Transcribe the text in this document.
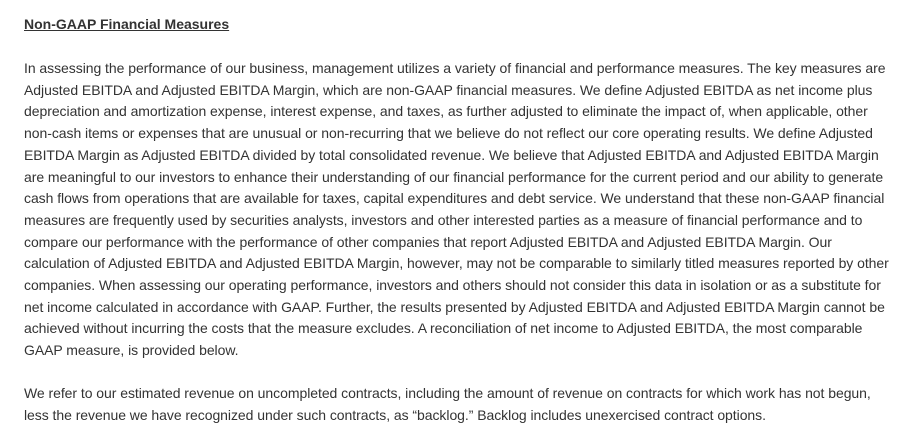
Non-GAAP Financial Measures

In assessing the performance of our business, management utilizes a variety of financial and performance measures. The key measures are Adjusted EBITDA and Adjusted EBITDA Margin, which are non-GAAP financial measures. We define Adjusted EBITDA as net income plus depreciation and amortization expense, interest expense, and taxes, as further adjusted to eliminate the impact of, when applicable, other non-cash items or expenses that are unusual or non-recurring that we believe do not reflect our core operating results. We define Adjusted EBITDA Margin as Adjusted EBITDA divided by total consolidated revenue. We believe that Adjusted EBITDA and Adjusted EBITDA Margin are meaningful to our investors to enhance their understanding of our financial performance for the current period and our ability to generate cash flows from operations that are available for taxes, capital expenditures and debt service. We understand that these non-GAAP financial measures are frequently used by securities analysts, investors and other interested parties as a measure of financial performance and to compare our performance with the performance of other companies that report Adjusted EBITDA and Adjusted EBITDA Margin. Our calculation of Adjusted EBITDA and Adjusted EBITDA Margin, however, may not be comparable to similarly titled measures reported by other companies. When assessing our operating performance, investors and others should not consider this data in isolation or as a substitute for net income calculated in accordance with GAAP. Further, the results presented by Adjusted EBITDA and Adjusted EBITDA Margin cannot be achieved without incurring the costs that the measure excludes. A reconciliation of net income to Adjusted EBITDA, the most comparable GAAP measure, is provided below.

We refer to our estimated revenue on uncompleted contracts, including the amount of revenue on contracts for which work has not begun, less the revenue we have recognized under such contracts, as “backlog.” Backlog includes unexercised contract options.
